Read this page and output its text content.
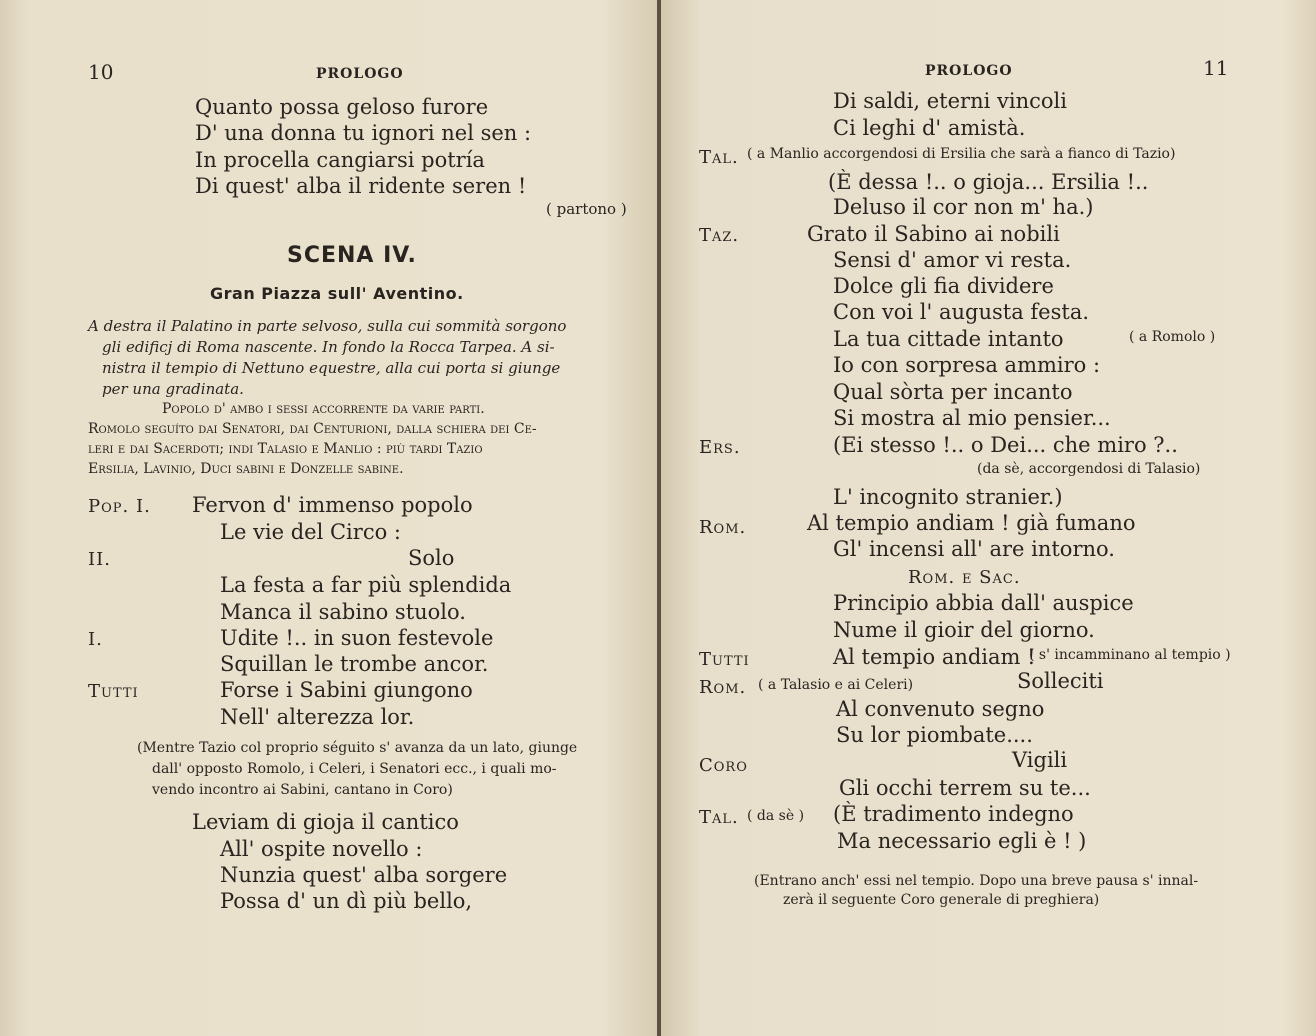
10	PROLOGO
Quanto possa geloso furore
D' una donna tu ignori nel sen :
In procella cangiarsi potría
Di quest' alba il ridente seren !
( partono )
SCENA IV.
Gran Piazza sull' Aventino.
A destra il Palatino in parte selvoso, sulla cui sommità sorgono
gli edificj di Roma nascente. In fondo la Rocca Tarpea. A si-
nistra il tempio di Nettuno equestre, alla cui porta si giunge
per una gradinata.
Popolo d' ambo i sessi accorrente da varie parti.
Romolo seguíto dai Senatori, dai Centurioni, dalla schiera dei Ce-
leri e dai Sacerdoti; indi Talasio e Manlio : più tardi Tazio
Ersilia, Lavinio, Duci sabini e Donzelle sabine.
Pop. I. Fervon d' immenso popolo
Le vie del Circo :
II.	Solo
La festa a far più splendida
Manca il sabino stuolo.
I.	Udite !.. in suon festevole
Squillan le trombe ancor.
Tutti	Forse i Sabini giungono
Nell' alterezza lor.
(Mentre Tazio col proprio séguito s' avanza da un lato, giunge
dall' opposto Romolo, i Celeri, i Senatori ecc., i quali mo-
vendo incontro ai Sabini, cantano in Coro)
Leviam di gioja il cantico
All' ospite novello :
Nunzia quest' alba sorgere
Possa d' un dì più bello,
PROLOGO	11
Di saldi, eterni vincoli
Ci leghi d' amistà.
Tal. ( a Manlio accorgendosi di Ersilia che sarà a fianco di Tazio)
(È dessa !.. o gioja... Ersilia !..
Deluso il cor non m' ha.)
Taz.	Grato il Sabino ai nobili
Sensi d' amor vi resta.
Dolce gli fia dividere
Con voi l' augusta festa.
La tua cittade intanto	( a Romolo )
Io con sorpresa ammiro :
Qual sòrta per incanto
Si mostra al mio pensier...
Ers.	(Ei stesso !.. o Dei... che miro ?..
(da sè, accorgendosi di Talasio)
L' incognito stranier.)
Rom.	Al tempio andiam ! già fumano
Gl' incensi all' are intorno.
Rom. e Sac.
Principio abbia dall' auspice
Nume il gioir del giorno.
Tutti	Al tempio andiam !
( s' incamminano al tempio )
Rom. ( a Talasio e ai Celeri)	Solleciti
Al convenuto segno
Su lor piombate....
Coro	Vigili
Gli occhi terrem su te...
Tal. ( da sè ) (È tradimento indegno
Ma necessario egli è ! )
(Entrano anch' essi nel tempio. Dopo una breve pausa s' innal-
zerà il seguente Coro generale di preghiera)
